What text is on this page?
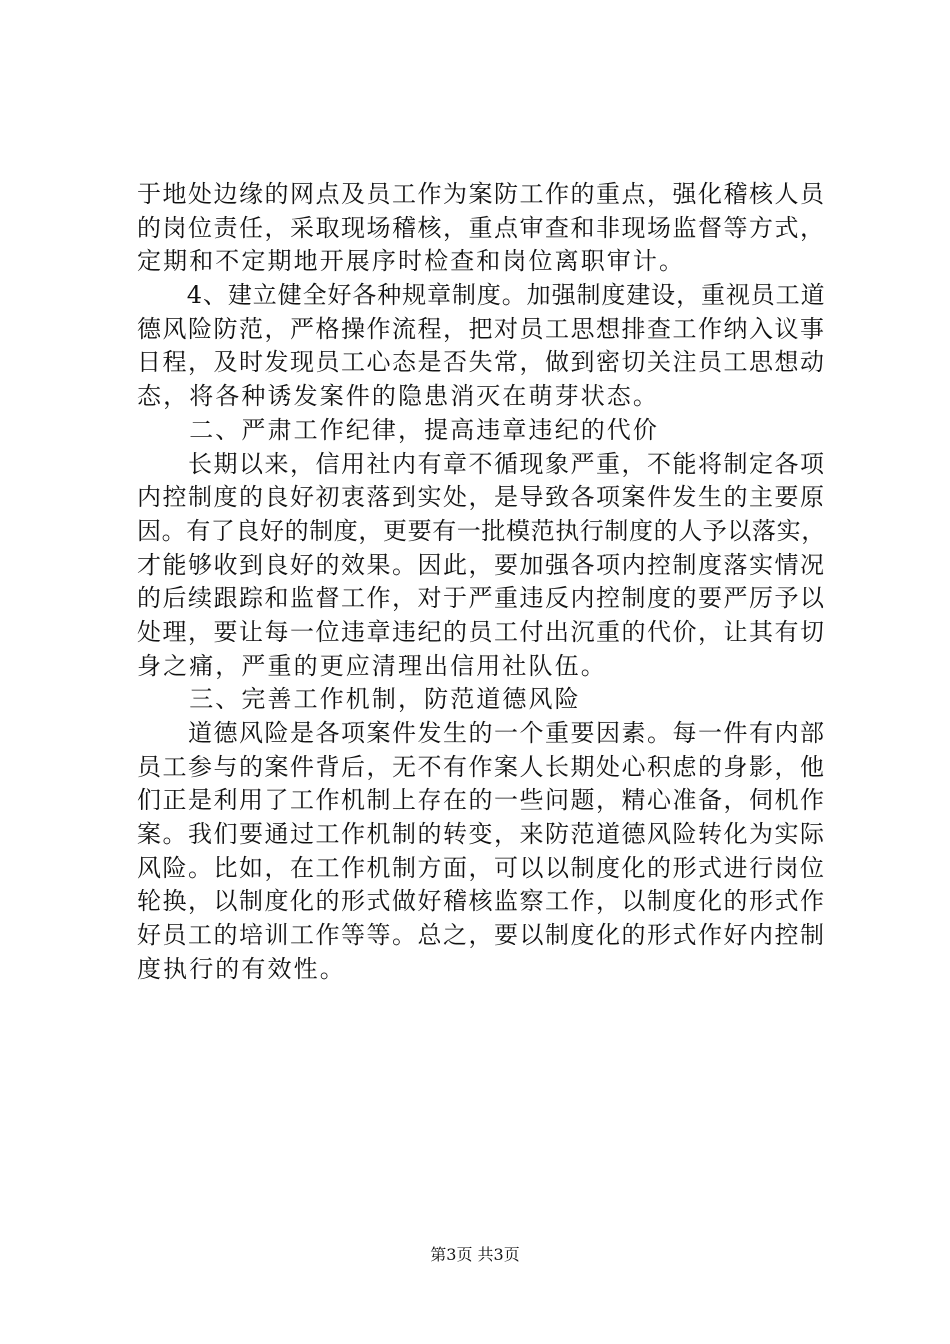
于地处边缘的网点及员工作为案防工作的重点，强化稽核人员
的岗位责任，采取现场稽核，重点审查和非现场监督等方式，
定期和不定期地开展序时检查和岗位离职审计。
　　4、建立健全好各种规章制度。加强制度建设，重视员工道
德风险防范，严格操作流程，把对员工思想排查工作纳入议事
日程，及时发现员工心态是否失常，做到密切关注员工思想动
态，将各种诱发案件的隐患消灭在萌芽状态。
　　二、严肃工作纪律，提高违章违纪的代价
　　长期以来，信用社内有章不循现象严重，不能将制定各项
内控制度的良好初衷落到实处，是导致各项案件发生的主要原
因。有了良好的制度，更要有一批模范执行制度的人予以落实，
才能够收到良好的效果。因此，要加强各项内控制度落实情况
的后续跟踪和监督工作，对于严重违反内控制度的要严厉予以
处理，要让每一位违章违纪的员工付出沉重的代价，让其有切
身之痛，严重的更应清理出信用社队伍。
　　三、完善工作机制，防范道德风险
　　道德风险是各项案件发生的一个重要因素。每一件有内部
员工参与的案件背后，无不有作案人长期处心积虑的身影，他
们正是利用了工作机制上存在的一些问题，精心准备，伺机作
案。我们要通过工作机制的转变，来防范道德风险转化为实际
风险。比如，在工作机制方面，可以以制度化的形式进行岗位
轮换，以制度化的形式做好稽核监察工作，以制度化的形式作
好员工的培训工作等等。总之，要以制度化的形式作好内控制
度执行的有效性。
第3页 共3页
